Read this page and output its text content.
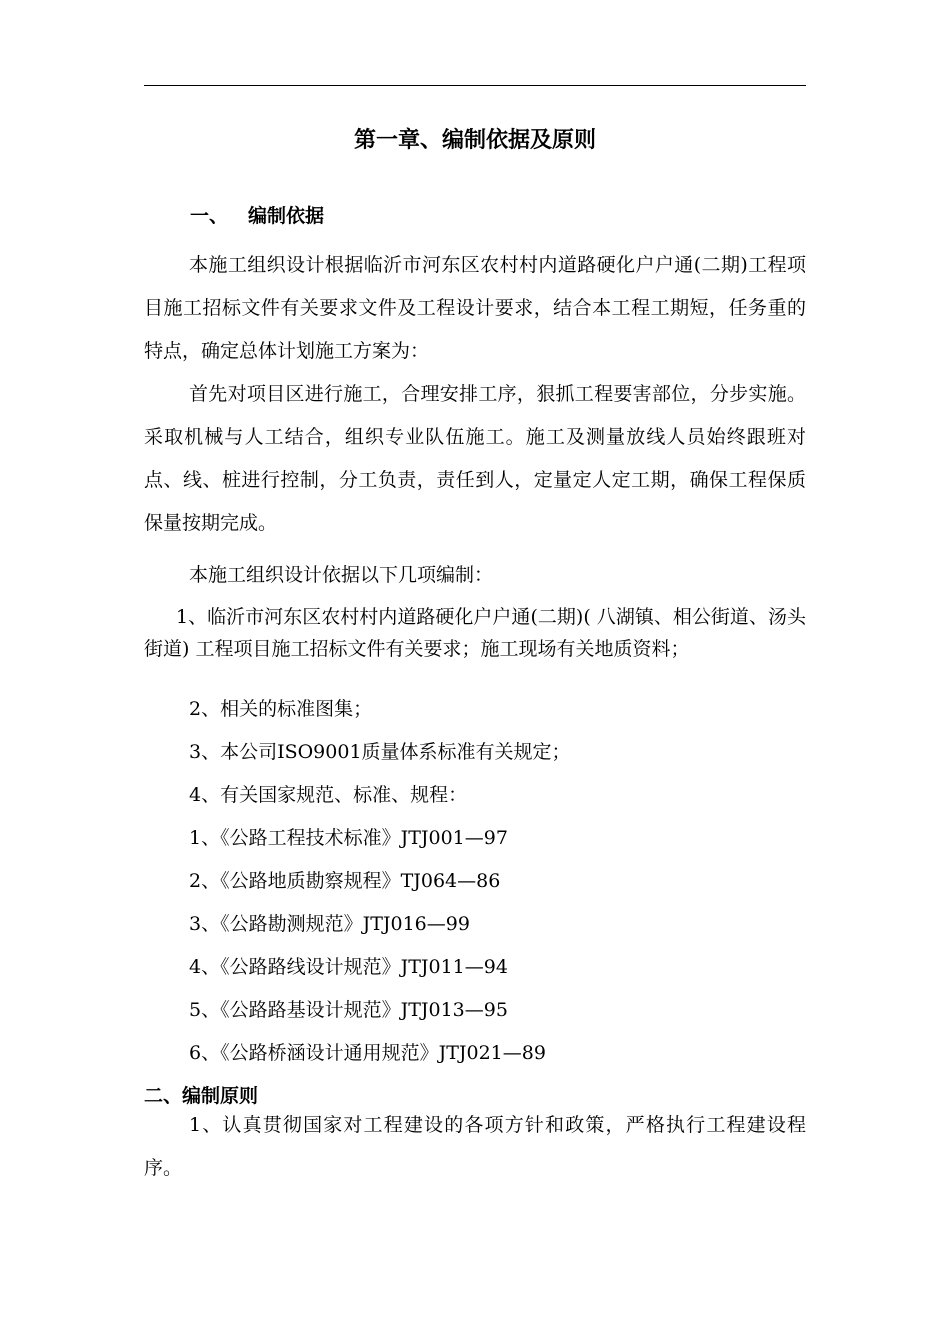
第一章、编制依据及原则
一、 编制依据
本施工组织设计根据临沂市河东区农村村内道路硬化户户通(二期)工程项目施工招标文件有关要求文件及工程设计要求，结合本工程工期短，任务重的特点，确定总体计划施工方案为：
首先对项目区进行施工，合理安排工序，狠抓工程要害部位，分步实施。采取机械与人工结合，组织专业队伍施工。施工及测量放线人员始终跟班对点、线、桩进行控制，分工负责，责任到人，定量定人定工期，确保工程保质保量按期完成。
本施工组织设计依据以下几项编制：
1、临沂市河东区农村村内道路硬化户户通(二期)( 八湖镇、相公街道、汤头街道) 工程项目施工招标文件有关要求；施工现场有关地质资料；
2、相关的标准图集；
3、本公司ISO9001质量体系标准有关规定；
4、有关国家规范、标准、规程：
1、《公路工程技术标准》JTJ001—97
2、《公路地质勘察规程》TJ064—86
3、《公路勘测规范》JTJ016—99
4、《公路路线设计规范》JTJ011—94
5、《公路路基设计规范》JTJ013—95
6、《公路桥涵设计通用规范》JTJ021—89
二、编制原则
1、认真贯彻国家对工程建设的各项方针和政策，严格执行工程建设程序。
